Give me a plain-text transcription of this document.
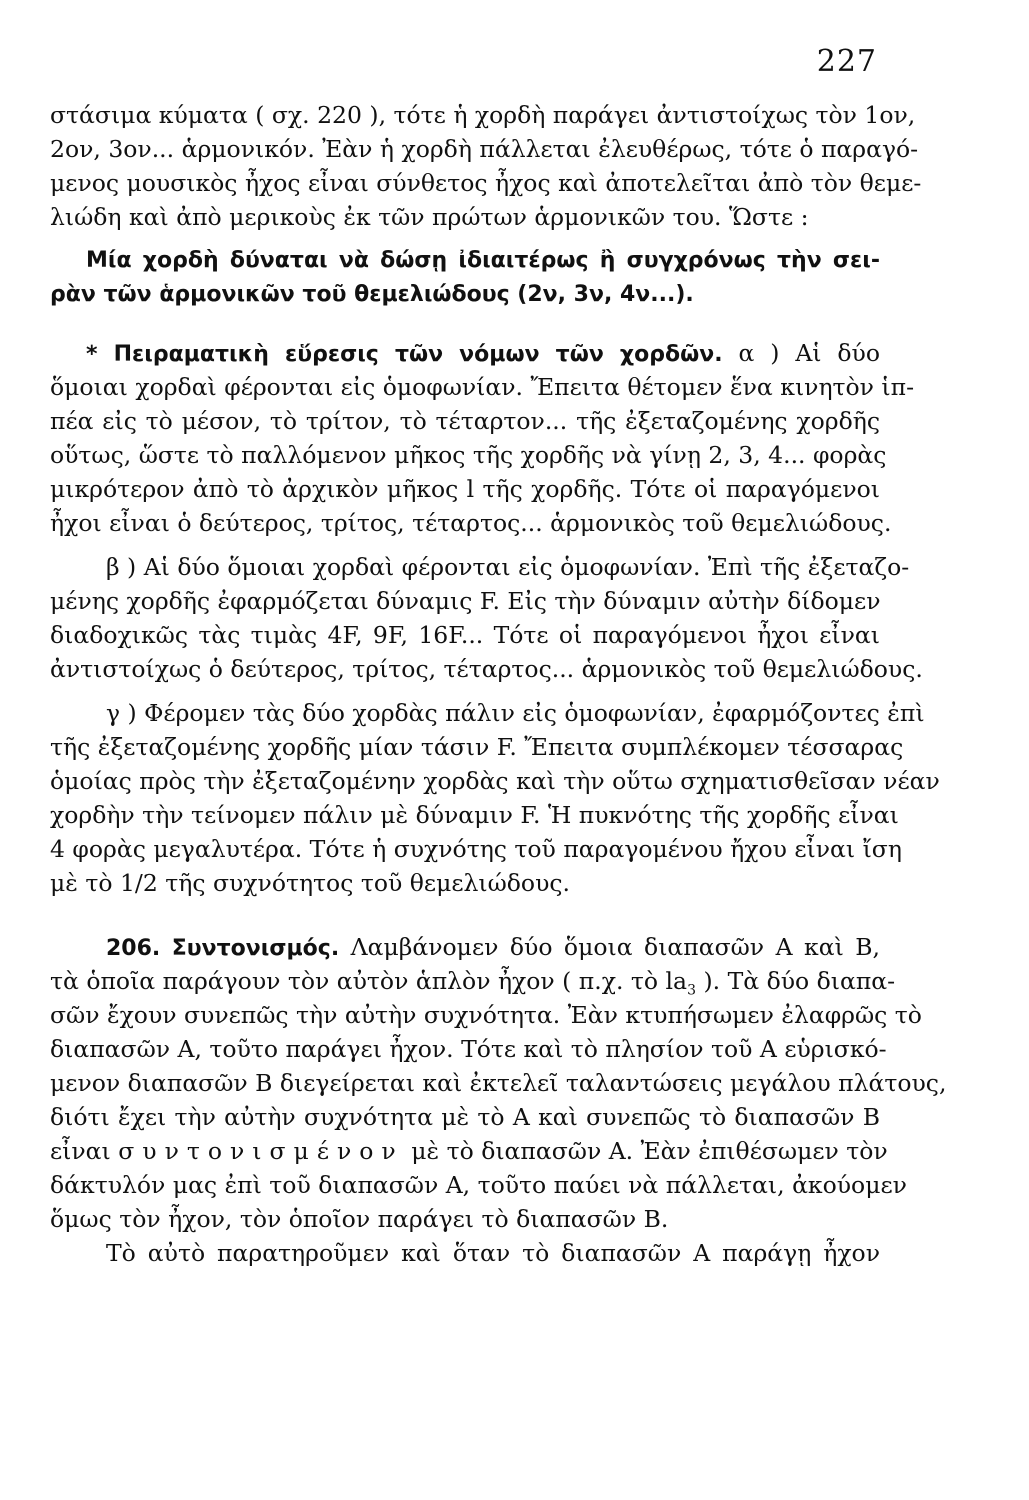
227
στάσιμα κύματα ( σχ. 220 ), τότε ἡ χορδὴ παράγει ἀντιστοίχως τὸν 1ον,
2ον, 3ον... ἁρμονικόν. Ἐὰν ἡ χορδὴ πάλλεται ἐλευθέρως, τότε ὁ παραγό-
μενος μουσικὸς ἦχος εἶναι σύνθετος ἦχος καὶ ἀποτελεῖται ἀπὸ τὸν θεμε-
λιώδη καὶ ἀπὸ μερικοὺς ἐκ τῶν πρώτων ἁρμονικῶν του. Ὥστε :
Μία χορδὴ δύναται νὰ δώσῃ ἰδιαιτέρως ἢ συγχρόνως τὴν σει-
ρὰν τῶν ἁρμονικῶν τοῦ θεμελιώδους (2ν, 3ν, 4ν...).
* Πειραματικὴ εὕρεσις τῶν νόμων τῶν χορδῶν. α ) Αἱ δύο
ὅμοιαι χορδαὶ φέρονται εἰς ὁμοφωνίαν. Ἔπειτα θέτομεν ἕνα κινητὸν ἱπ-
πέα εἰς τὸ μέσον, τὸ τρίτον, τὸ τέταρτον... τῆς ἐξεταζομένης χορδῆς
οὕτως, ὥστε τὸ παλλόμενον μῆκος τῆς χορδῆς νὰ γίνῃ 2, 3, 4... φορὰς
μικρότερον ἀπὸ τὸ ἀρχικὸν μῆκος l τῆς χορδῆς. Τότε οἱ παραγόμενοι
ἦχοι εἶναι ὁ δεύτερος, τρίτος, τέταρτος... ἁρμονικὸς τοῦ θεμελιώδους.
β ) Αἱ δύο ὅμοιαι χορδαὶ φέρονται εἰς ὁμοφωνίαν. Ἐπὶ τῆς ἐξεταζο-
μένης χορδῆς ἐφαρμόζεται δύναμις F. Εἰς τὴν δύναμιν αὐτὴν δίδομεν
διαδοχικῶς τὰς τιμὰς 4F, 9F, 16F... Τότε οἱ παραγόμενοι ἦχοι εἶναι
ἀντιστοίχως ὁ δεύτερος, τρίτος, τέταρτος... ἁρμονικὸς τοῦ θεμελιώδους.
γ ) Φέρομεν τὰς δύο χορδὰς πάλιν εἰς ὁμοφωνίαν, ἐφαρμόζοντες ἐπὶ
τῆς ἐξεταζομένης χορδῆς μίαν τάσιν F. Ἔπειτα συμπλέκομεν τέσσαρας
ὁμοίας πρὸς τὴν ἐξεταζομένην χορδὰς καὶ τὴν οὕτω σχηματισθεῖσαν νέαν
χορδὴν τὴν τείνομεν πάλιν μὲ δύναμιν F. Ἡ πυκνότης τῆς χορδῆς εἶναι
4 φορὰς μεγαλυτέρα. Τότε ἡ συχνότης τοῦ παραγομένου ἤχου εἶναι ἴση
μὲ τὸ 1/2 τῆς συχνότητος τοῦ θεμελιώδους.
206. Συντονισμός. Λαμβάνομεν δύο ὅμοια διαπασῶν Α καὶ Β,
τὰ ὁποῖα παράγουν τὸν αὐτὸν ἁπλὸν ἦχον ( π.χ. τὸ $la_3$ ). Τὰ δύο διαπα-
σῶν ἔχουν συνεπῶς τὴν αὐτὴν συχνότητα. Ἐὰν κτυπήσωμεν ἐλαφρῶς τὸ
διαπασῶν Α, τοῦτο παράγει ἦχον. Τότε καὶ τὸ πλησίον τοῦ Α εὑρισκό-
μενον διαπασῶν Β διεγείρεται καὶ ἐκτελεῖ ταλαντώσεις μεγάλου πλάτους,
διότι ἔχει τὴν αὐτὴν συχνότητα μὲ τὸ Α καὶ συνεπῶς τὸ διαπασῶν Β
εἶναι συντονισμένον μὲ τὸ διαπασῶν Α. Ἐὰν ἐπιθέσωμεν τὸν
δάκτυλόν μας ἐπὶ τοῦ διαπασῶν Α, τοῦτο παύει νὰ πάλλεται, ἀκούομεν
ὅμως τὸν ἦχον, τὸν ὁποῖον παράγει τὸ διαπασῶν Β.
Τὸ αὐτὸ παρατηροῦμεν καὶ ὅταν τὸ διαπασῶν Α παράγῃ ἦχον
